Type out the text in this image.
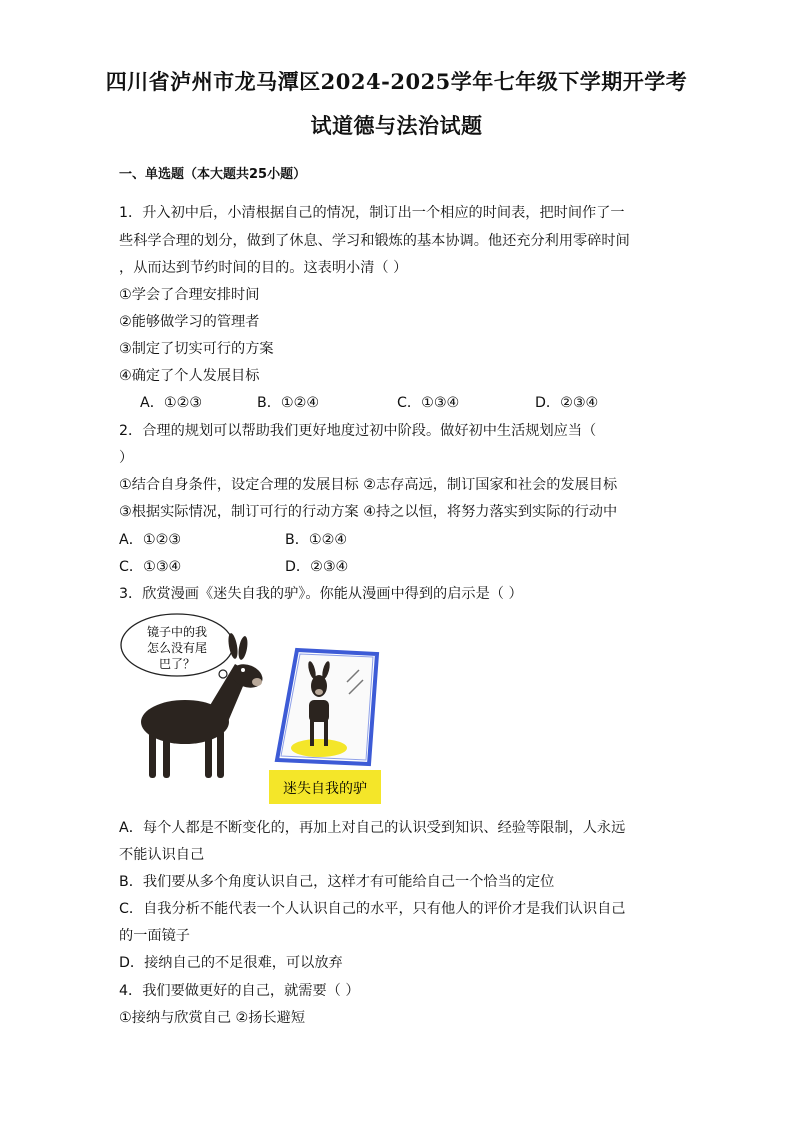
四川省泸州市龙马潭区2024-2025学年七年级下学期开学考
试道德与法治试题
一、单选题（本大题共25小题）
1．升入初中后，小清根据自己的情况，制订出一个相应的时间表，把时间作了一
些科学合理的划分，做到了休息、学习和锻炼的基本协调。他还充分利用零碎时间
，从而达到节约时间的目的。这表明小清（ ）
①学会了合理安排时间
②能够做学习的管理者
③制定了切实可行的方案
④确定了个人发展目标
A．①②③	B．①②④	C．①③④	D．②③④
2．合理的规划可以帮助我们更好地度过初中阶段。做好初中生活规划应当（
）
①结合自身条件，设定合理的发展目标 ②志存高远，制订国家和社会的发展目标
③根据实际情况，制订可行的行动方案 ④持之以恒，将努力落实到实际的行动中
A．①②③	B．①②④
C．①③④	D．②③④
3．欣赏漫画《迷失自我的驴》。你能从漫画中得到的启示是（ ）
镜子中的我
怎么没有尾
巴了？
迷失自我的驴
A．每个人都是不断变化的，再加上对自己的认识受到知识、经验等限制，人永远
不能认识自己
B．我们要从多个角度认识自己，这样才有可能给自己一个恰当的定位
C．自我分析不能代表一个人认识自己的水平，只有他人的评价才是我们认识自己
的一面镜子
D．接纳自己的不足很难，可以放弃
4．我们要做更好的自己，就需要（ ）
①接纳与欣赏自己 ②扬长避短
